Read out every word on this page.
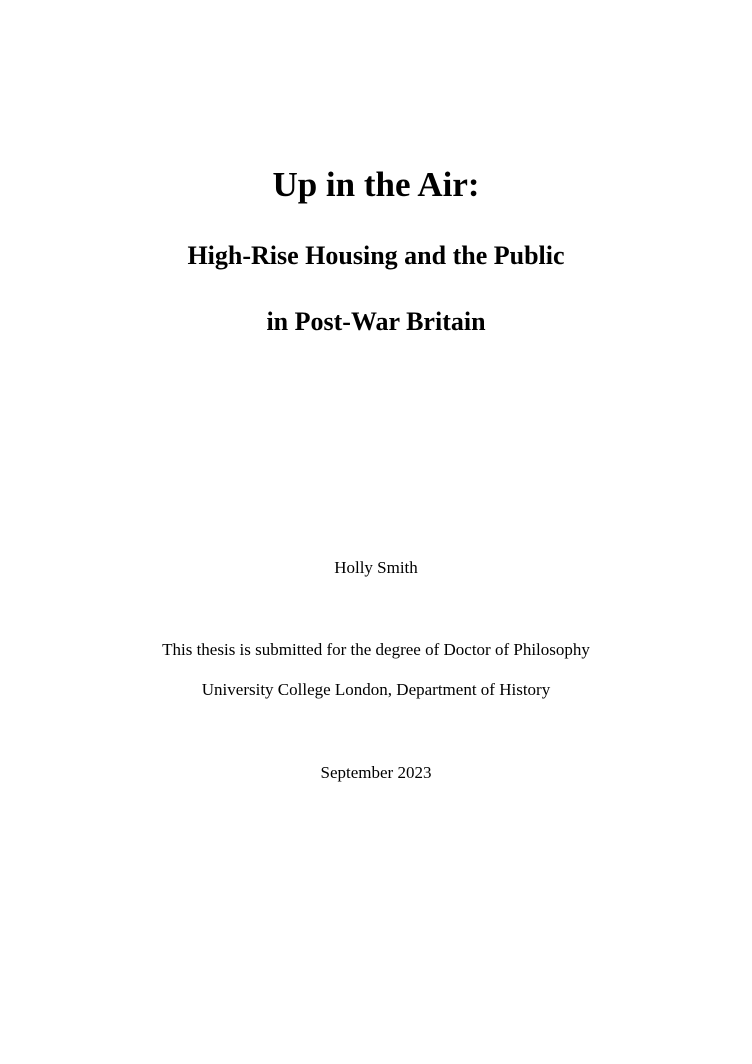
Up in the Air:
High-Rise Housing and the Public
in Post-War Britain

Holly Smith

This thesis is submitted for the degree of Doctor of Philosophy

University College London, Department of History

September 2023
